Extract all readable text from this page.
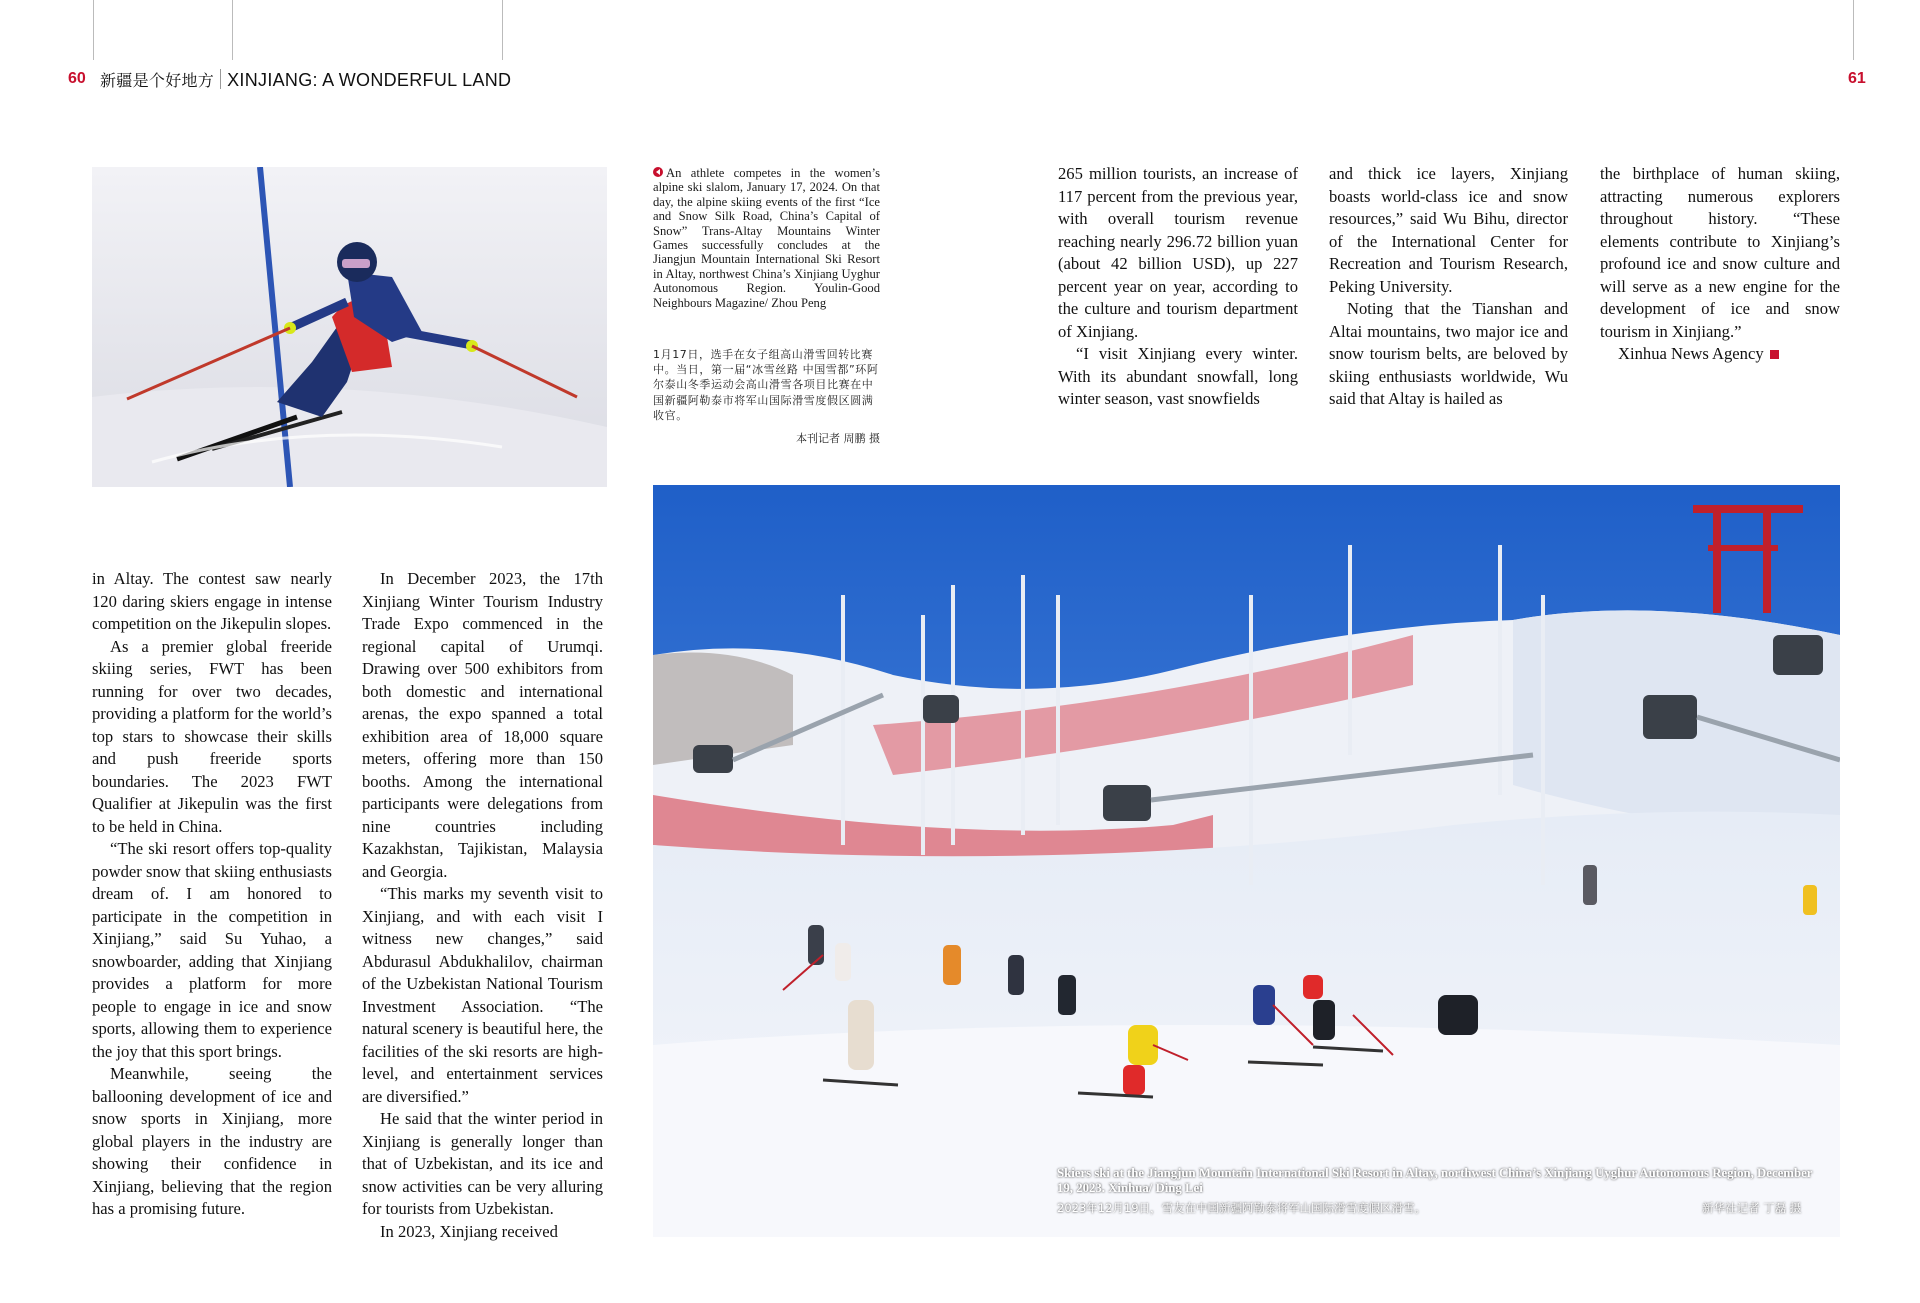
60 新疆是个好地方 XINJIANG: A WONDERFUL LAND	61
An athlete competes in the women’s alpine ski slalom, January 17, 2024. On that day, the alpine skiing events of the first “Ice and Snow Silk Road, China’s Capital of Snow” Trans-Altay Mountains Winter Games successfully concludes at the Jiangjun Mountain International Ski Resort in Altay, northwest China’s Xinjiang Uyghur Autonomous Region. Youlin-Good Neighbours Magazine/ Zhou Peng
1月17日，选手在女子组高山滑雪回转比赛中。当日，第一届“冰雪丝路 中国雪都”环阿尔泰山冬季运动会高山滑雪各项目比赛在中国新疆阿勒泰市将军山国际滑雪度假区圆满收官。
本刊记者 周鹏 摄

in Altay. The contest saw nearly 120 daring skiers engage in intense competition on the Jikepulin slopes.

As a premier global freeride skiing series, FWT has been running for over two decades, providing a platform for the world’s top stars to showcase their skills and push freeride sports boundaries. The 2023 FWT Qualifier at Jikepulin was the first to be held in China.

“The ski resort offers top-quality powder snow that skiing enthusiasts dream of. I am honored to participate in the competition in Xinjiang,” said Su Yuhao, a snowboarder, adding that Xinjiang provides a platform for more people to engage in ice and snow sports, allowing them to experience the joy that this sport brings.

Meanwhile, seeing the ballooning development of ice and snow sports in Xinjiang, more global players in the industry are showing their confidence in Xinjiang, believing that the region has a promising future.

In December 2023, the 17th Xinjiang Winter Tourism Industry Trade Expo commenced in the regional capital of Urumqi. Drawing over 500 exhibitors from both domestic and international arenas, the expo spanned a total exhibition area of 18,000 square meters, offering more than 150 booths. Among the international participants were delegations from nine countries including Kazakhstan, Tajikistan, Malaysia and Georgia.

“This marks my seventh visit to Xinjiang, and with each visit I witness new changes,” said Abdurasul Abdukhalilov, chairman of the Uzbekistan National Tourism Investment Association. “The natural scenery is beautiful here, the facilities of the ski resorts are high-level, and entertainment services are diversified.”

He said that the winter period in Xinjiang is generally longer than that of Uzbekistan, and its ice and snow activities can be very alluring for tourists from Uzbekistan.

In 2023, Xinjiang received

265 million tourists, an increase of 117 percent from the previous year, with overall tourism revenue reaching nearly 296.72 billion yuan (about 42 billion USD), up 227 percent year on year, according to the culture and tourism department of Xinjiang.

“I visit Xinjiang every winter. With its abundant snowfall, long winter season, vast snowfields

and thick ice layers, Xinjiang boasts world-class ice and snow resources,” said Wu Bihu, director of the International Center for Recreation and Tourism Research, Peking University.

Noting that the Tianshan and Altai mountains, two major ice and snow tourism belts, are beloved by skiing enthusiasts worldwide, Wu said that Altay is hailed as

the birthplace of human skiing, attracting numerous explorers throughout history. “These elements contribute to Xinjiang’s profound ice and snow culture and will serve as a new engine for the development of ice and snow tourism in Xinjiang.”

Xinhua News Agency

Skiers ski at the Jiangjun Mountain International Ski Resort in Altay, northwest China’s Xinjiang Uyghur Autonomous Region, December 19, 2023. Xinhua/ Ding Lei
2023年12月19日，雪友在中国新疆阿勒泰将军山国际滑雪度假区滑雪。	新华社记者 丁磊 摄
